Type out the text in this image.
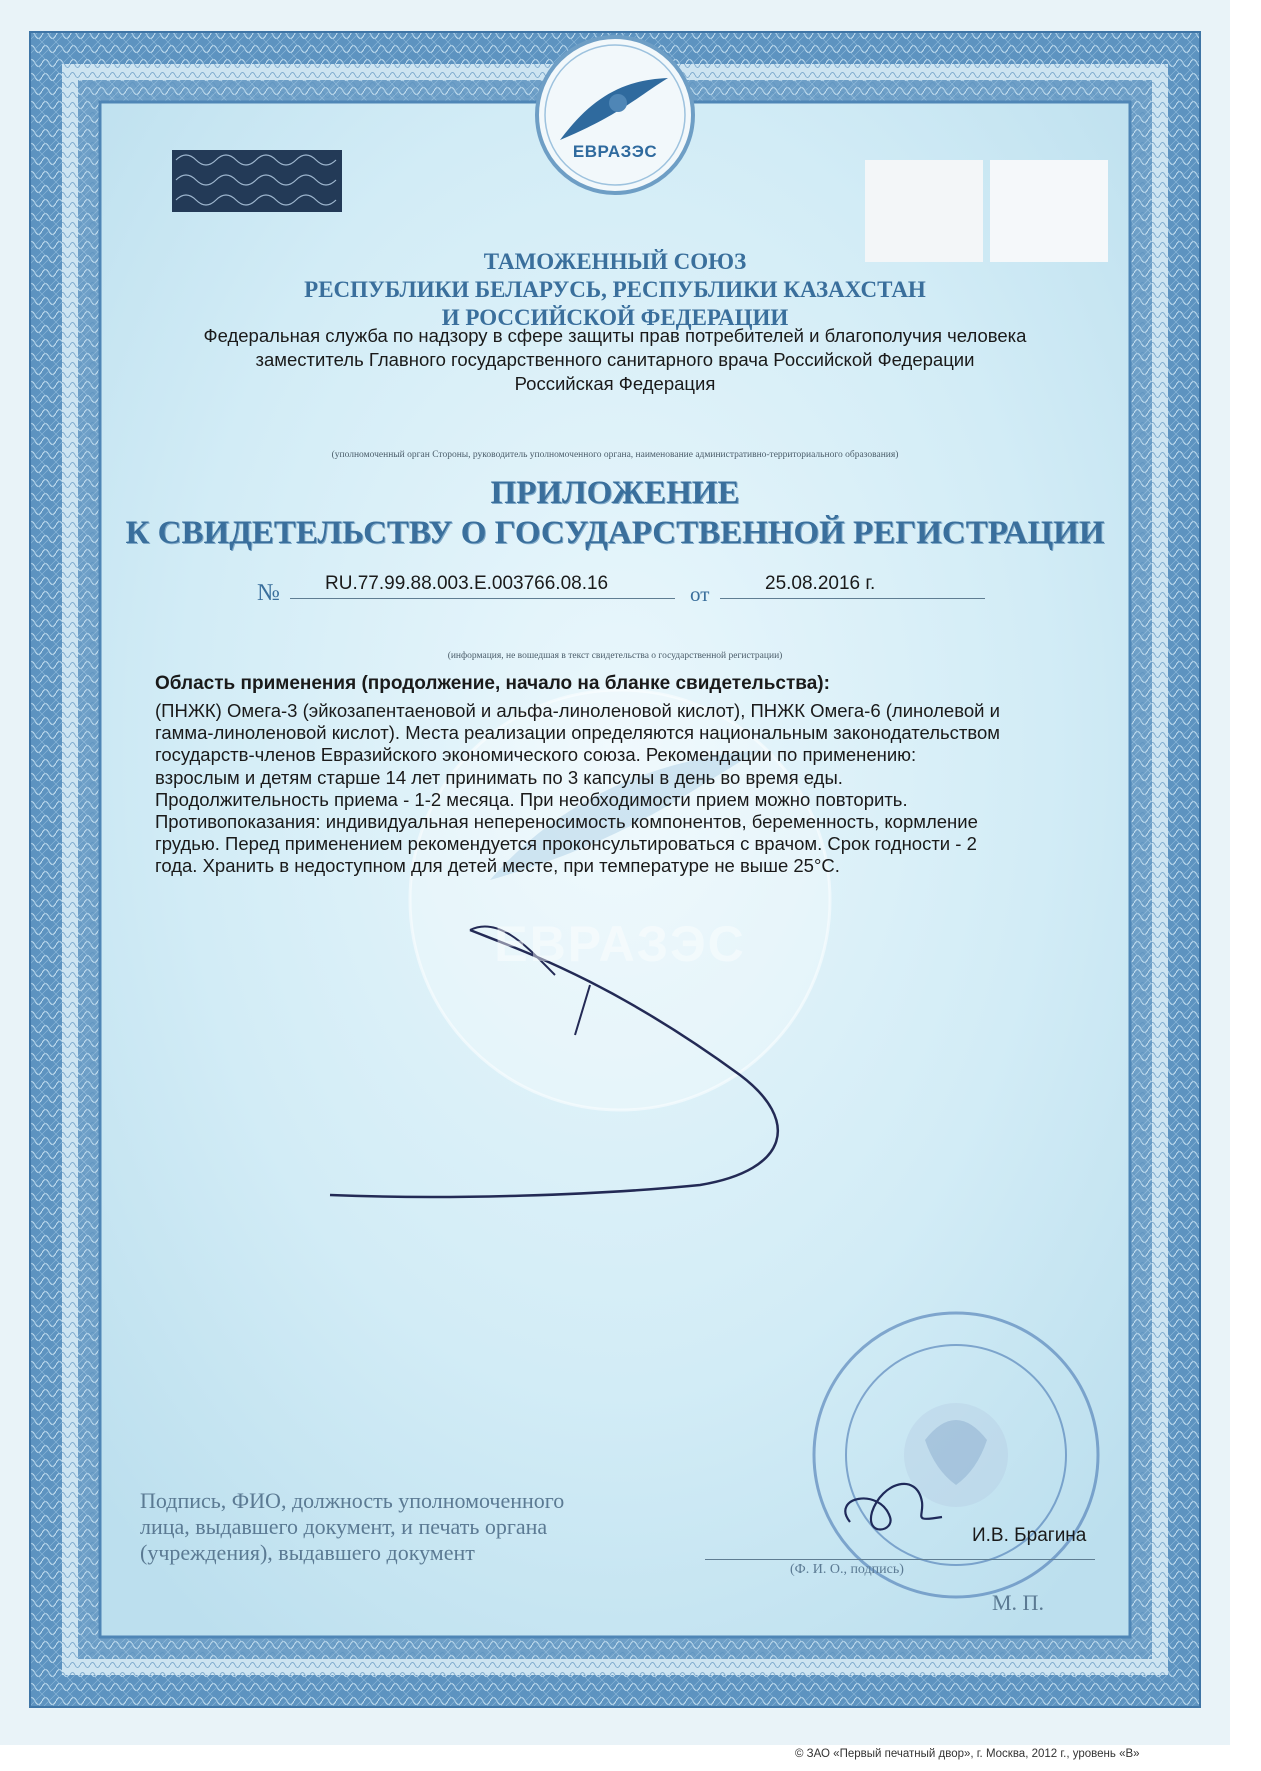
ЕВРАЗЭС
ТАМОЖЕННЫЙ СОЮЗ
РЕСПУБЛИКИ БЕЛАРУСЬ, РЕСПУБЛИКИ КАЗАХСТАН
И РОССИЙСКОЙ ФЕДЕРАЦИИ
Федеральная служба по надзору в сфере защиты прав потребителей и благополучия человека
заместитель Главного государственного санитарного врача Российской Федерации
Российская Федерация
(уполномоченный орган Стороны, руководитель уполномоченного органа, наименование административно-территориального образования)
ПРИЛОЖЕНИЕ
К СВИДЕТЕЛЬСТВУ О ГОСУДАРСТВЕННОЙ РЕГИСТРАЦИИ
№ RU.77.99.88.003.Е.003766.08.16	от	25.08.2016 г.
(информация, не вошедшая в текст свидетельства о государственной регистрации)
Область применения (продолжение, начало на бланке свидетельства):
(ПНЖК) Омега-3 (эйкозапентаеновой и альфа-линоленовой кислот), ПНЖК Омега-6 (линолевой и
гамма-линоленовой кислот). Места реализации определяются национальным законодательством
государств-членов Евразийского экономического союза. Рекомендации по применению:
взрослым и детям старше 14 лет принимать по 3 капсулы в день во время еды.
Продолжительность приема - 1-2 месяца. При необходимости прием можно повторить.
Противопоказания: индивидуальная непереносимость компонентов, беременность, кормление
грудью. Перед применением рекомендуется проконсультироваться с врачом. Срок годности - 2
года. Хранить в недоступном для детей месте, при температуре не выше 25°С.
ЕВРАЗЭС
Подпись, ФИО, должность уполномоченного
лица, выдавшего документ, и печать органа
(учреждения), выдавшего документ
И.В. Брагина
(Ф. И. О., подпись)
М. П.
© ЗАО «Первый печатный двор», г. Москва, 2012 г., уровень «В»
